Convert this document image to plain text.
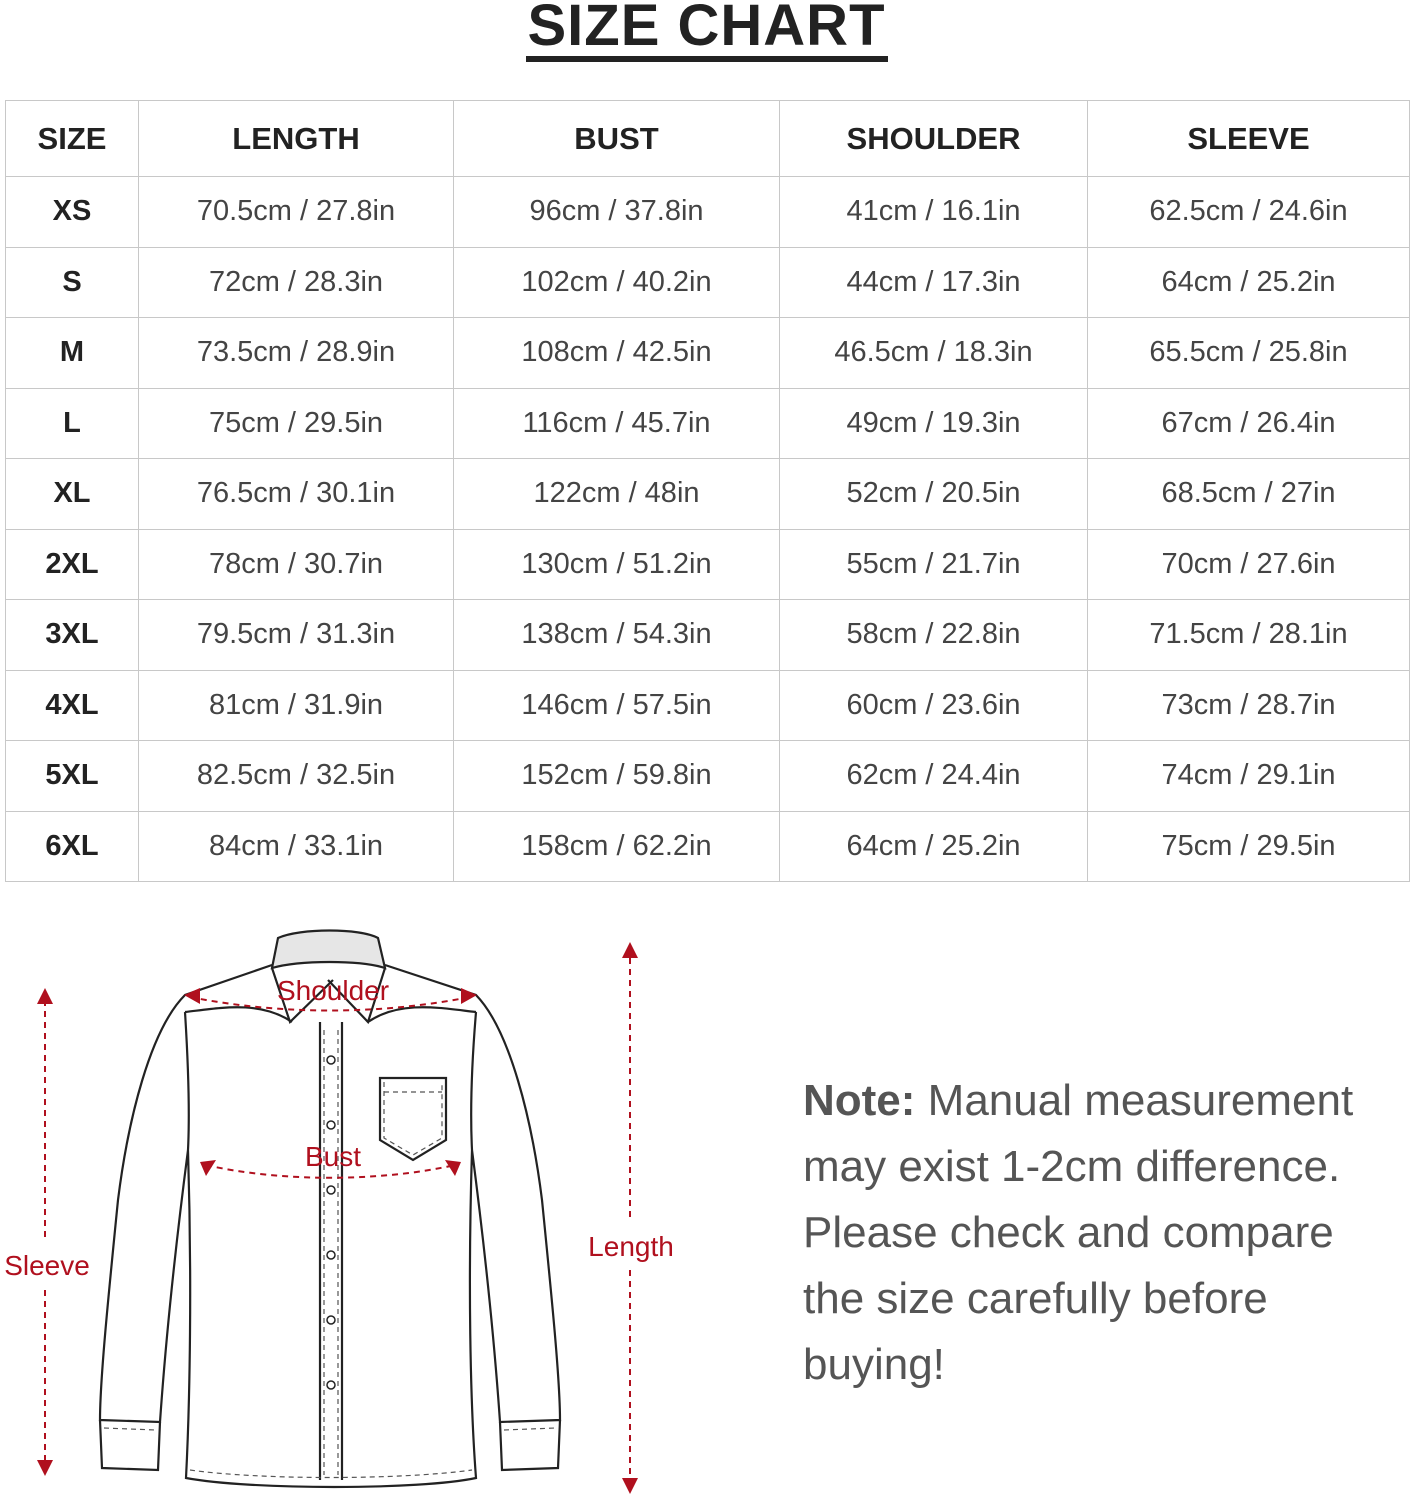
SIZE CHART
SIZE	LENGTH	BUST	SHOULDER	SLEEVE
XS	70.5cm / 27.8in	96cm / 37.8in	41cm / 16.1in	62.5cm / 24.6in
S	72cm / 28.3in	102cm / 40.2in	44cm / 17.3in	64cm / 25.2in
M	73.5cm / 28.9in	108cm / 42.5in	46.5cm / 18.3in	65.5cm / 25.8in
L	75cm / 29.5in	116cm / 45.7in	49cm / 19.3in	67cm / 26.4in
XL	76.5cm / 30.1in	122cm / 48in	52cm / 20.5in	68.5cm / 27in
2XL	78cm / 30.7in	130cm / 51.2in	55cm / 21.7in	70cm / 27.6in
3XL	79.5cm / 31.3in	138cm / 54.3in	58cm / 22.8in	71.5cm / 28.1in
4XL	81cm / 31.9in	146cm / 57.5in	60cm / 23.6in	73cm / 28.7in
5XL	82.5cm / 32.5in	152cm / 59.8in	62cm / 24.4in	74cm / 29.1in
6XL	84cm / 33.1in	158cm / 62.2in	64cm / 25.2in	75cm / 29.5in
Shoulder
Bust
Sleeve
Length
Note: Manual measurement may exist 1-2cm difference. Please check and compare the size carefully before buying!
